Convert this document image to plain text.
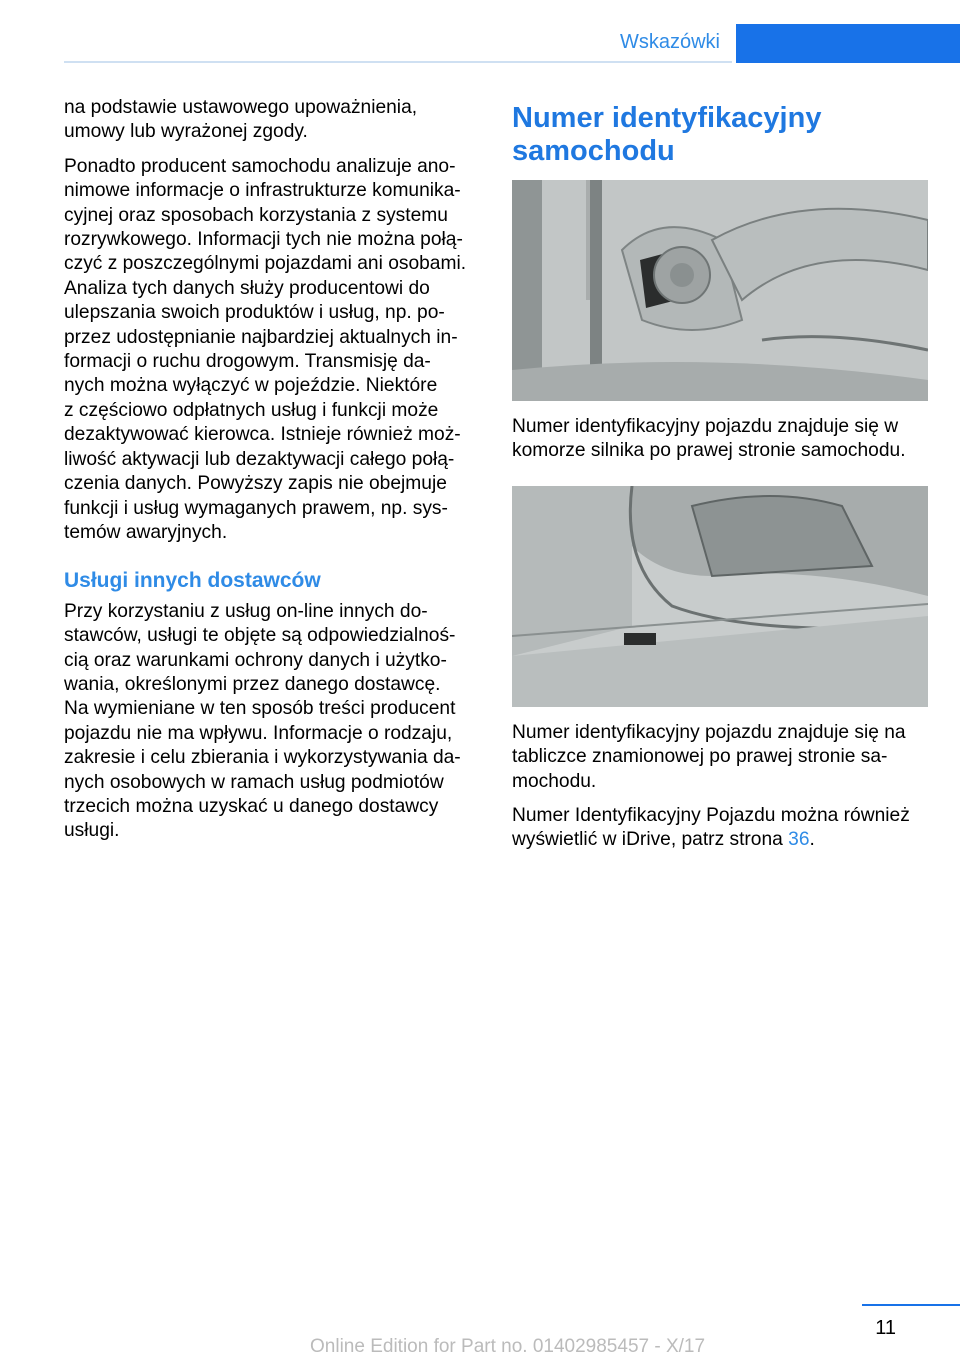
Wskazówki

na podstawie ustawowego upoważnienia,
umowy lub wyrażonej zgody.

Ponadto producent samochodu analizuje ano-
nimowe informacje o infrastrukturze komunika-
cyjnej oraz sposobach korzystania z systemu
rozrywkowego. Informacji tych nie można połą-
czyć z poszczególnymi pojazdami ani osobami.
Analiza tych danych służy producentowi do
ulepszania swoich produktów i usług, np. po-
przez udostępnianie najbardziej aktualnych in-
formacji o ruchu drogowym. Transmisję da-
nych można wyłączyć w pojeździe. Niektóre
z częściowo odpłatnych usług i funkcji może
dezaktywować kierowca. Istnieje również moż-
liwość aktywacji lub dezaktywacji całego połą-
czenia danych. Powyższy zapis nie obejmuje
funkcji i usług wymaganych prawem, np. sys-
temów awaryjnych.

Usługi innych dostawców

Przy korzystaniu z usług on-line innych do-
stawców, usługi te objęte są odpowiedzialnoś-
cią oraz warunkami ochrony danych i użytko-
wania, określonymi przez danego dostawcę.
Na wymieniane w ten sposób treści producent
pojazdu nie ma wpływu. Informacje o rodzaju,
zakresie i celu zbierania i wykorzystywania da-
nych osobowych w ramach usług podmiotów
trzecich można uzyskać u danego dostawcy
usługi.

Numer identyfikacyjny
samochodu

Numer identyfikacyjny pojazdu znajduje się w
komorze silnika po prawej stronie samochodu.

Numer identyfikacyjny pojazdu znajduje się na
tabliczce znamionowej po prawej stronie sa-
mochodu.

Numer Identyfikacyjny Pojazdu można również
wyświetlić w iDrive, patrz strona 36.

11
Online Edition for Part no. 01402985457 - X/17
